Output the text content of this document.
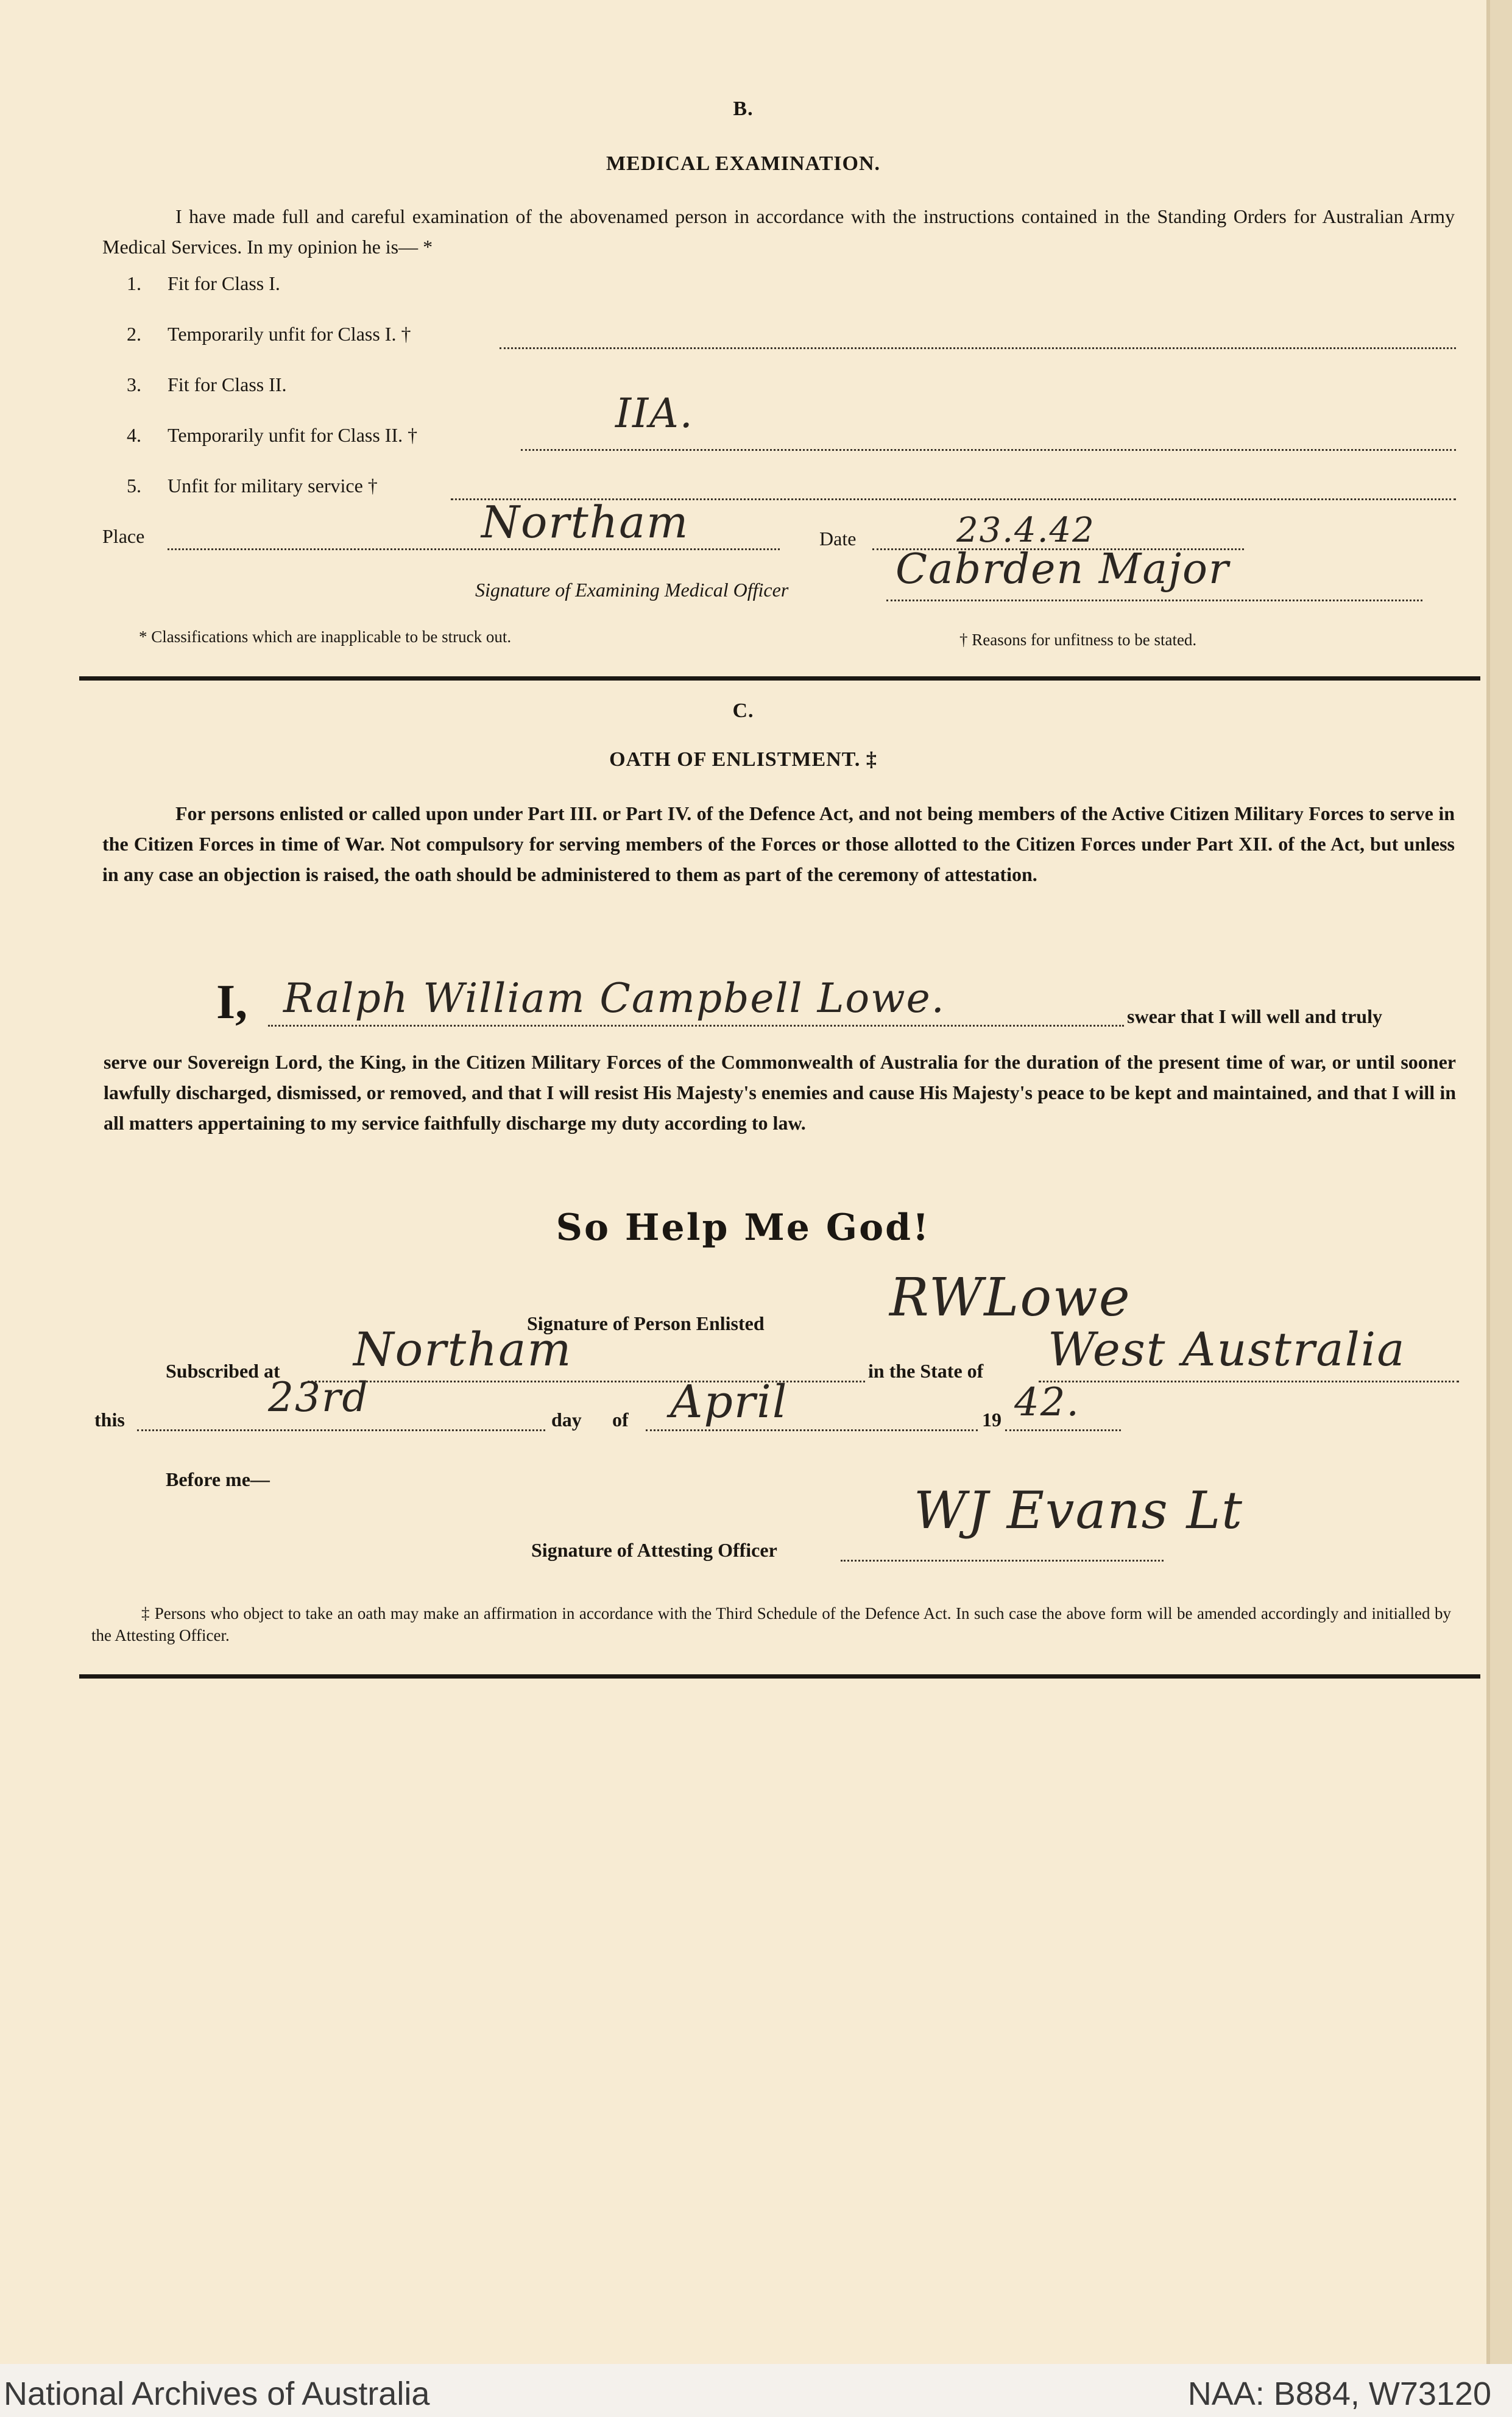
B.
MEDICAL EXAMINATION.
I have made full and careful examination of the abovenamed person in accordance with the instructions contained in the Standing Orders for Australian Army Medical Services. In my opinion he is— *
1. Fit for Class I.
2. Temporarily unfit for Class I. †
3. Fit for Class II.
4. Temporarily unfit for Class II. †	IIA.
5. Unfit for military service †
Place	Northam	Date	23.4.42
Signature of Examining Medical Officer	Cabrden Major
* Classifications which are inapplicable to be struck out.	† Reasons for unfitness to be stated.
C.
OATH OF ENLISTMENT. ‡
For persons enlisted or called upon under Part III. or Part IV. of the Defence Act, and not being members of the Active Citizen Military Forces to serve in the Citizen Forces in time of War. Not compulsory for serving members of the Forces or those allotted to the Citizen Forces under Part XII. of the Act, but unless in any case an objection is raised, the oath should be administered to them as part of the ceremony of attestation.
I, Ralph William Campbell Lowe.	swear that I will well and truly
serve our Sovereign Lord, the King, in the Citizen Military Forces of the Commonwealth of Australia for the duration of the present time of war, or until sooner lawfully discharged, dismissed, or removed, and that I will resist His Majesty's enemies and cause His Majesty's peace to be kept and maintained, and that I will in all matters appertaining to my service faithfully discharge my duty according to law.
So Help Me God!
Signature of Person Enlisted RWLowe
Subscribed at Northam	in the State of West Australia
this	23rd	day of April	19 42.
Before me—
Signature of Attesting Officer
WJ Evans Lt
‡ Persons who object to take an oath may make an affirmation in accordance with the Third Schedule of the Defence Act. In such case the above form will be amended accordingly and initialled by the Attesting Officer.
National Archives of Australia	NAA: B884, W73120
